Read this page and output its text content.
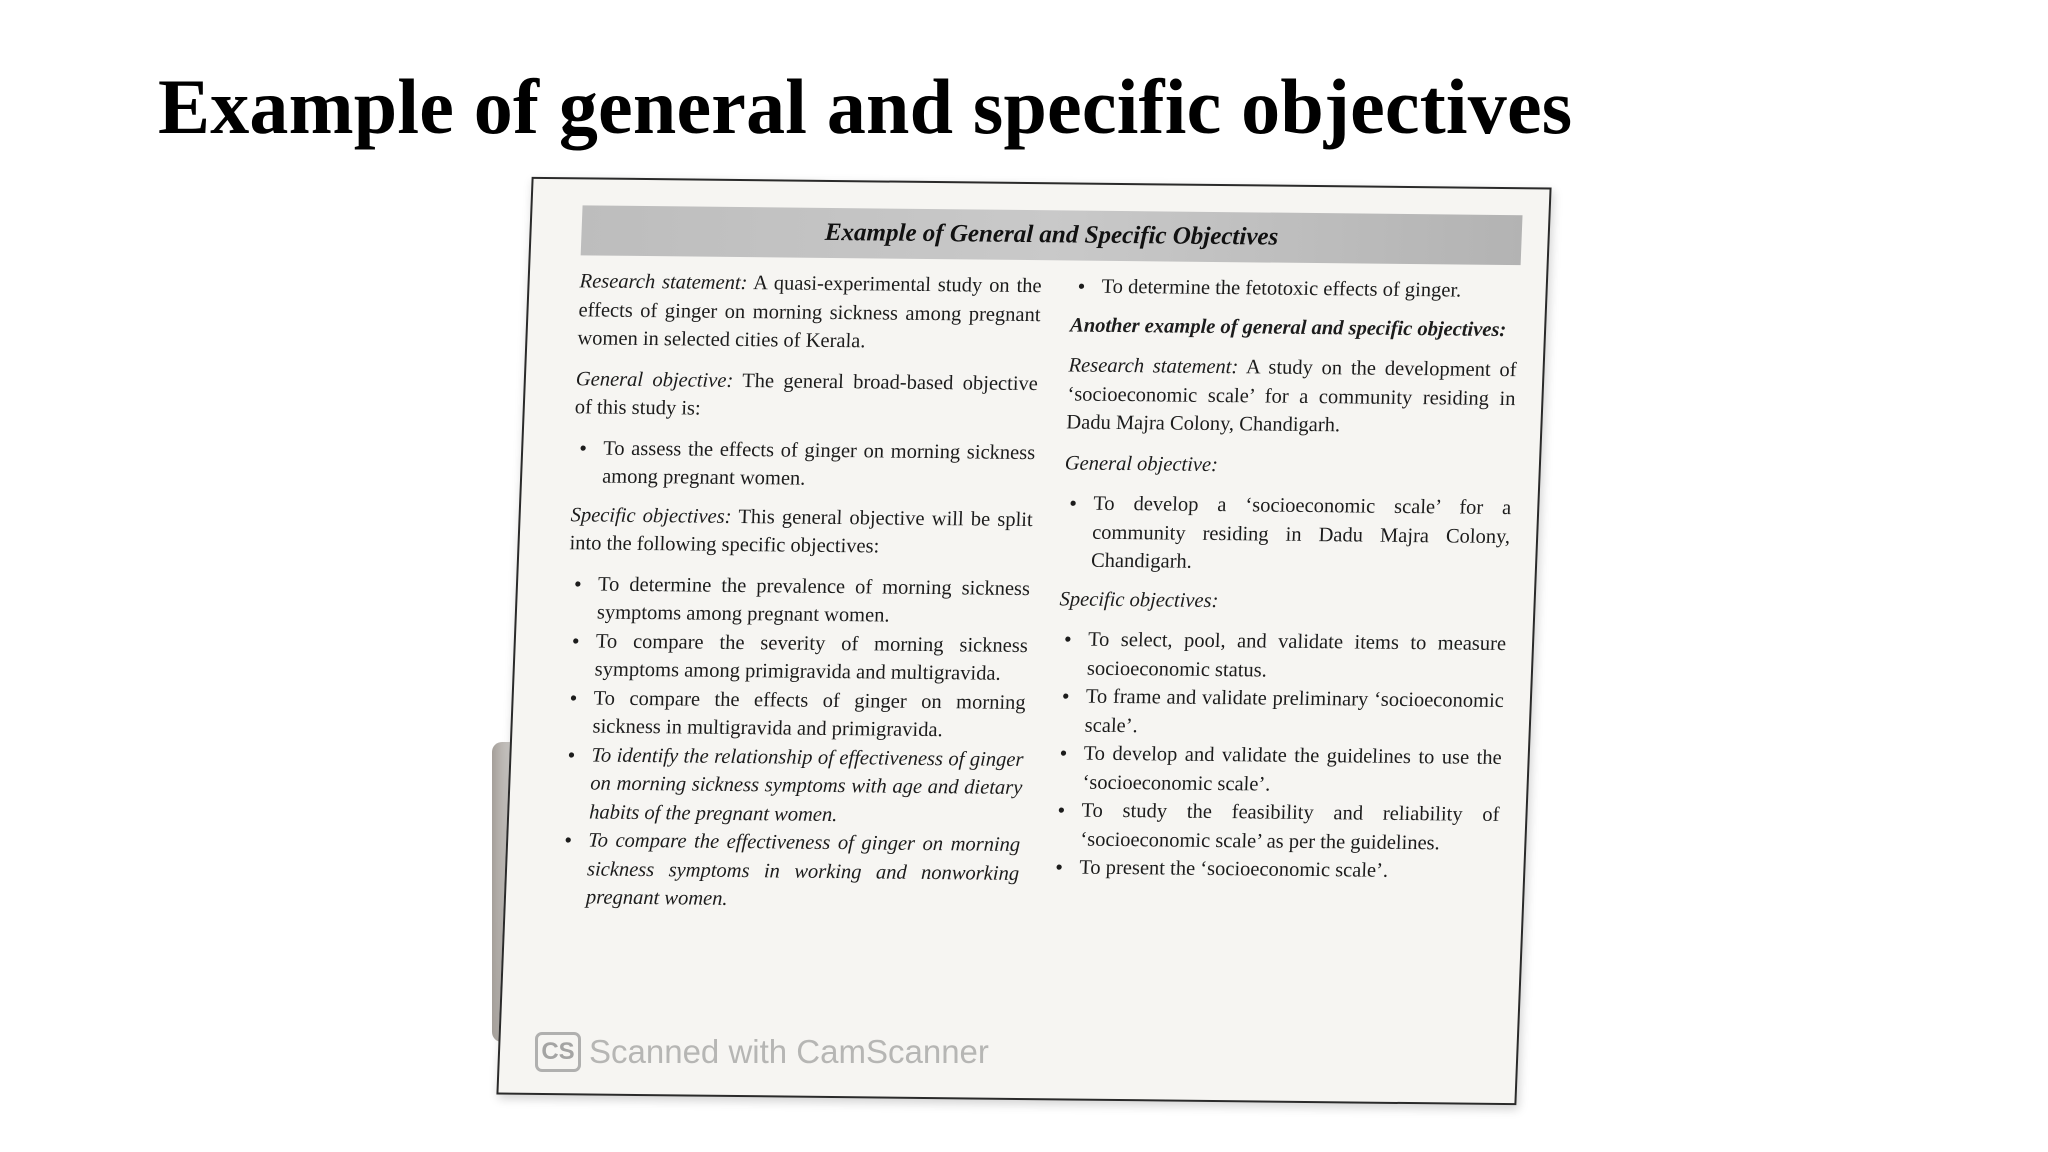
Example of general and specific objectives
Example of General and Specific Objectives

Research statement: A quasi-experimental study on the effects of ginger on morning sickness among pregnant women in selected cities of Kerala.

General objective: The general broad-based objective of this study is:

• To assess the effects of ginger on morning sickness among pregnant women.

Specific objectives: This general objective will be split into the following specific objectives:

• To determine the prevalence of morning sickness symptoms among pregnant women.
• To compare the severity of morning sickness symptoms among primigravida and multigravida.
• To compare the effects of ginger on morning sickness in multigravida and primigravida.
• To identify the relationship of effectiveness of ginger on morning sickness symptoms with age and dietary habits of the pregnant women.
• To compare the effectiveness of ginger on morning sickness symptoms in working and nonworking pregnant women.
• To determine the fetotoxic effects of ginger.

Another example of general and specific objectives:

Research statement: A study on the development of ‘socioeconomic scale’ for a community residing in Dadu Majra Colony, Chandigarh.

General objective:

• To develop a ‘socioeconomic scale’ for a community residing in Dadu Majra Colony, Chandigarh.

Specific objectives:

• To select, pool, and validate items to measure socioeconomic status.
• To frame and validate preliminary ‘socioeconomic scale’.
• To develop and validate the guidelines to use the ‘socioeconomic scale’.
• To study the feasibility and reliability of ‘socioeconomic scale’ as per the guidelines.
• To present the ‘socioeconomic scale’.
CS Scanned with CamScanner
